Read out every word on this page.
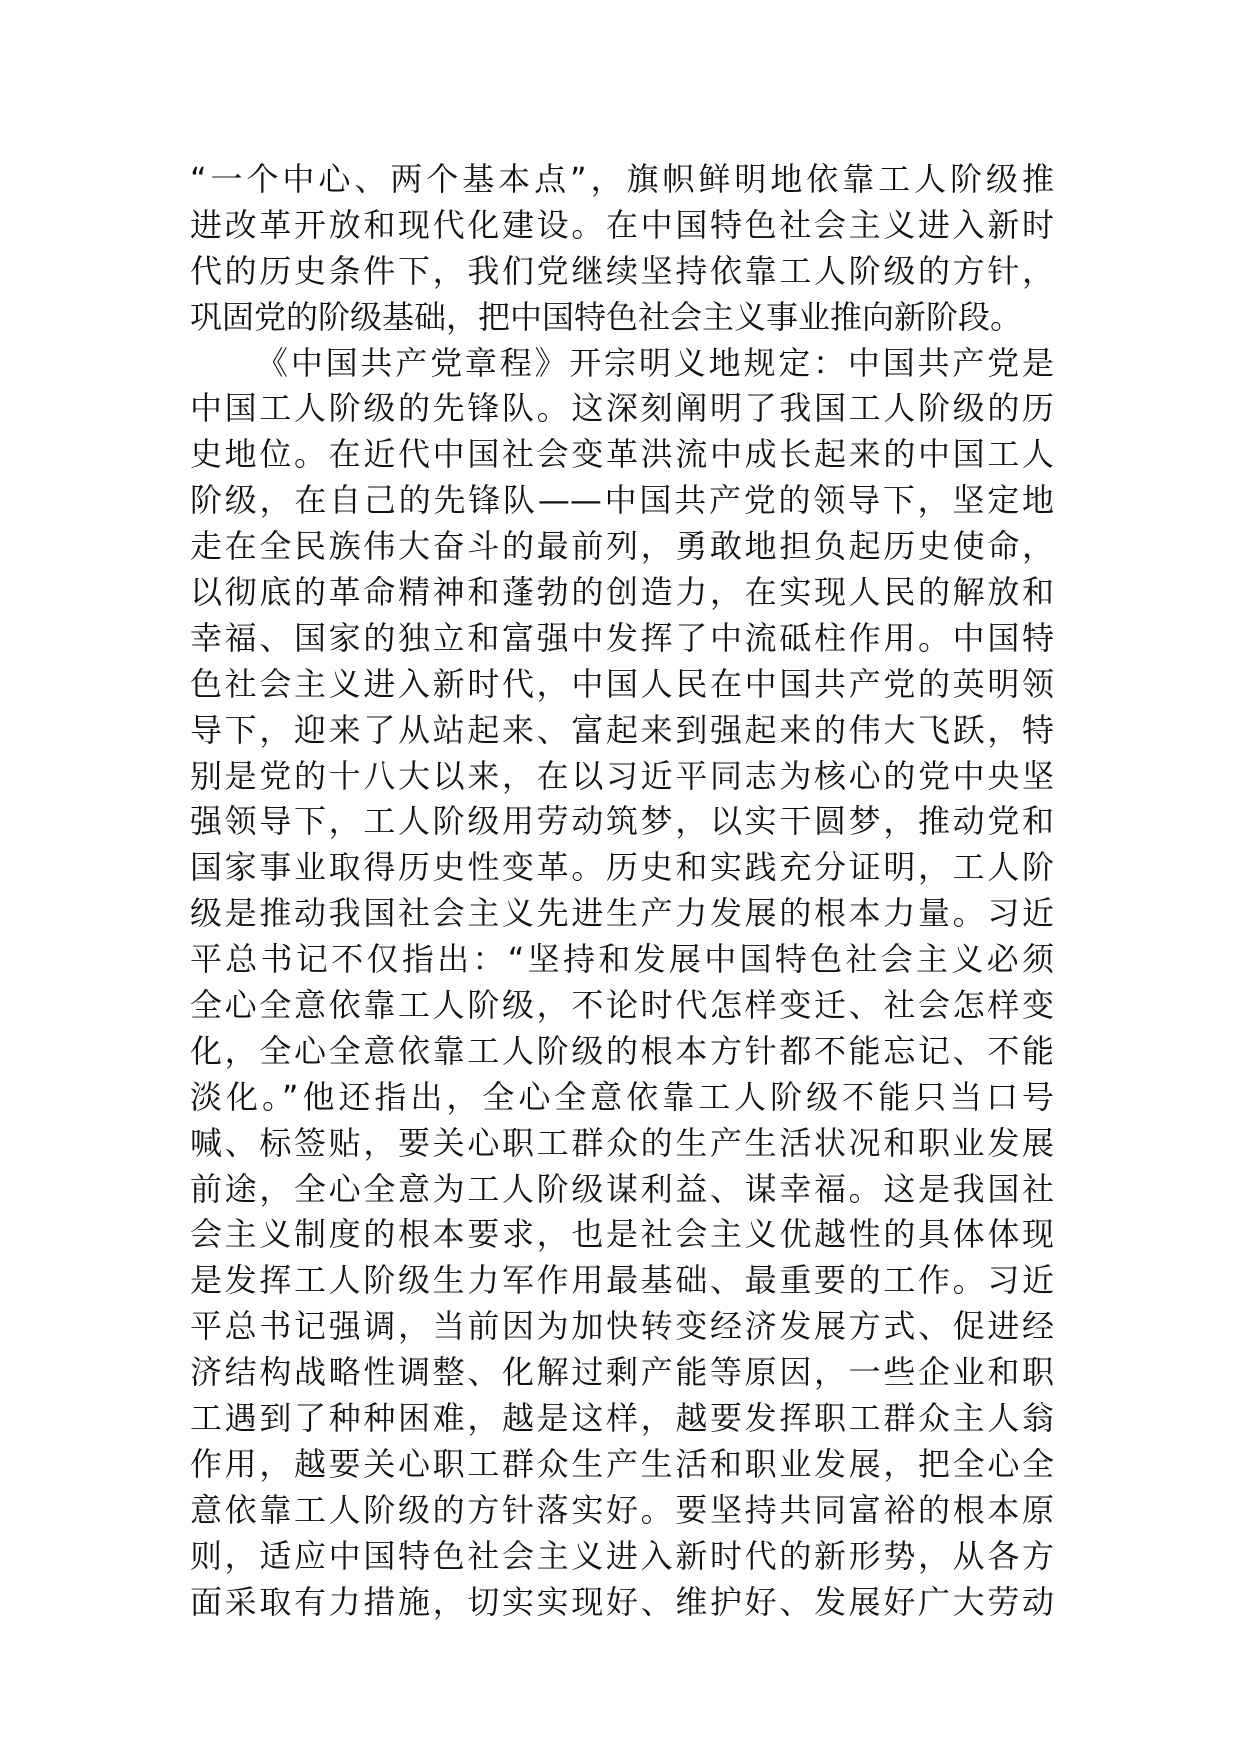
“一个中心、两个基本点”，旗帜鲜明地依靠工人阶级推
进改革开放和现代化建设。在中国特色社会主义进入新时
代的历史条件下，我们党继续坚持依靠工人阶级的方针，
巩固党的阶级基础，把中国特色社会主义事业推向新阶段。
《中国共产党章程》开宗明义地规定：中国共产党是
中国工人阶级的先锋队。这深刻阐明了我国工人阶级的历
史地位。在近代中国社会变革洪流中成长起来的中国工人
阶级，在自己的先锋队——中国共产党的领导下，坚定地
走在全民族伟大奋斗的最前列，勇敢地担负起历史使命，
以彻底的革命精神和蓬勃的创造力，在实现人民的解放和
幸福、国家的独立和富强中发挥了中流砥柱作用。中国特
色社会主义进入新时代，中国人民在中国共产党的英明领
导下，迎来了从站起来、富起来到强起来的伟大飞跃，特
别是党的十八大以来，在以习近平同志为核心的党中央坚
强领导下，工人阶级用劳动筑梦，以实干圆梦，推动党和
国家事业取得历史性变革。历史和实践充分证明，工人阶
级是推动我国社会主义先进生产力发展的根本力量。习近
平总书记不仅指出：“坚持和发展中国特色社会主义必须
全心全意依靠工人阶级，不论时代怎样变迁、社会怎样变
化，全心全意依靠工人阶级的根本方针都不能忘记、不能
淡化。”他还指出，全心全意依靠工人阶级不能只当口号
喊、标签贴，要关心职工群众的生产生活状况和职业发展
前途，全心全意为工人阶级谋利益、谋幸福。这是我国社
会主义制度的根本要求，也是社会主义优越性的具体体现
是发挥工人阶级生力军作用最基础、最重要的工作。习近
平总书记强调，当前因为加快转变经济发展方式、促进经
济结构战略性调整、化解过剩产能等原因，一些企业和职
工遇到了种种困难，越是这样，越要发挥职工群众主人翁
作用，越要关心职工群众生产生活和职业发展，把全心全
意依靠工人阶级的方针落实好。要坚持共同富裕的根本原
则，适应中国特色社会主义进入新时代的新形势，从各方
面采取有力措施，切实实现好、维护好、发展好广大劳动
